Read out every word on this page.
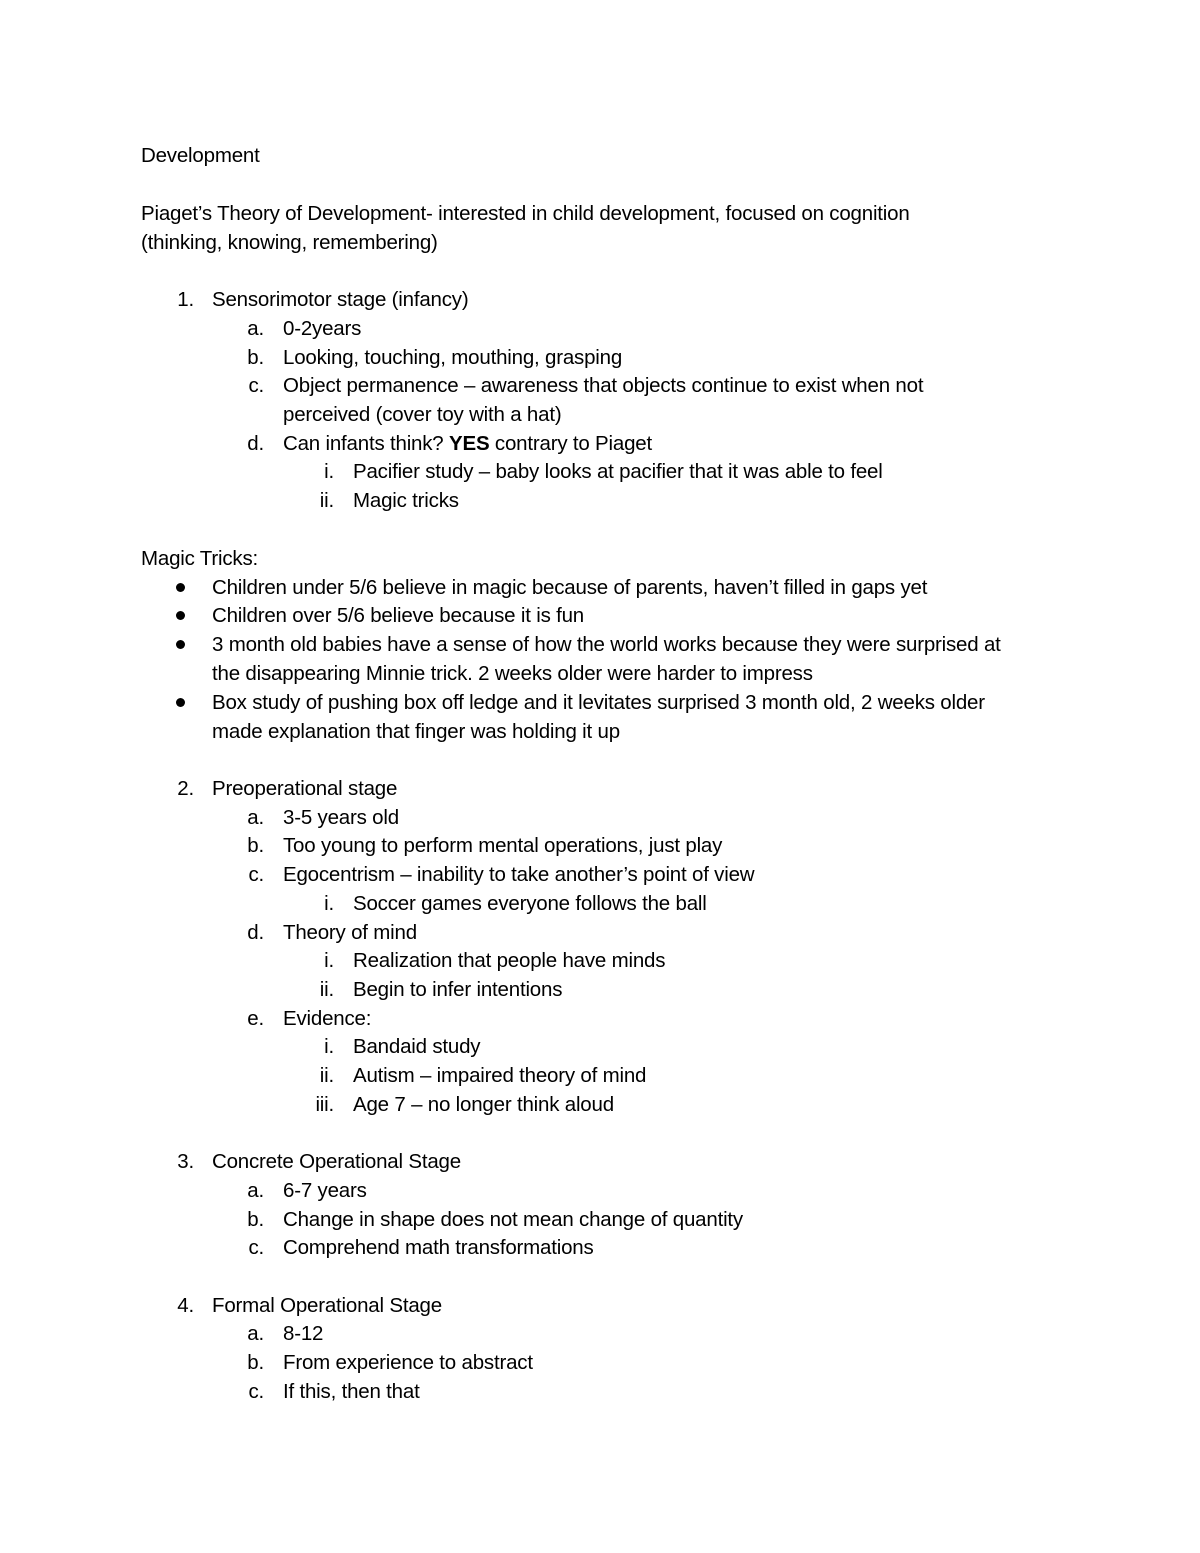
Development
Piaget’s Theory of Development- interested in child development, focused on cognition
(thinking, knowing, remembering)
1. Sensorimotor stage (infancy)
a. 0-2years
b. Looking, touching, mouthing, grasping
c. Object permanence – awareness that objects continue to exist when not
perceived (cover toy with a hat)
d. Can infants think? YES contrary to Piaget
i. Pacifier study – baby looks at pacifier that it was able to feel
ii. Magic tricks
Magic Tricks:
Children under 5/6 believe in magic because of parents, haven’t filled in gaps yet
Children over 5/6 believe because it is fun
3 month old babies have a sense of how the world works because they were surprised at
the disappearing Minnie trick. 2 weeks older were harder to impress
Box study of pushing box off ledge and it levitates surprised 3 month old, 2 weeks older
made explanation that finger was holding it up
2. Preoperational stage
a. 3-5 years old
b. Too young to perform mental operations, just play
c. Egocentrism – inability to take another’s point of view
i. Soccer games everyone follows the ball
d. Theory of mind
i. Realization that people have minds
ii. Begin to infer intentions
e. Evidence:
i. Bandaid study
ii. Autism – impaired theory of mind
iii. Age 7 – no longer think aloud
3. Concrete Operational Stage
a. 6-7 years
b. Change in shape does not mean change of quantity
c. Comprehend math transformations
4. Formal Operational Stage
a. 8-12
b. From experience to abstract
c. If this, then that
